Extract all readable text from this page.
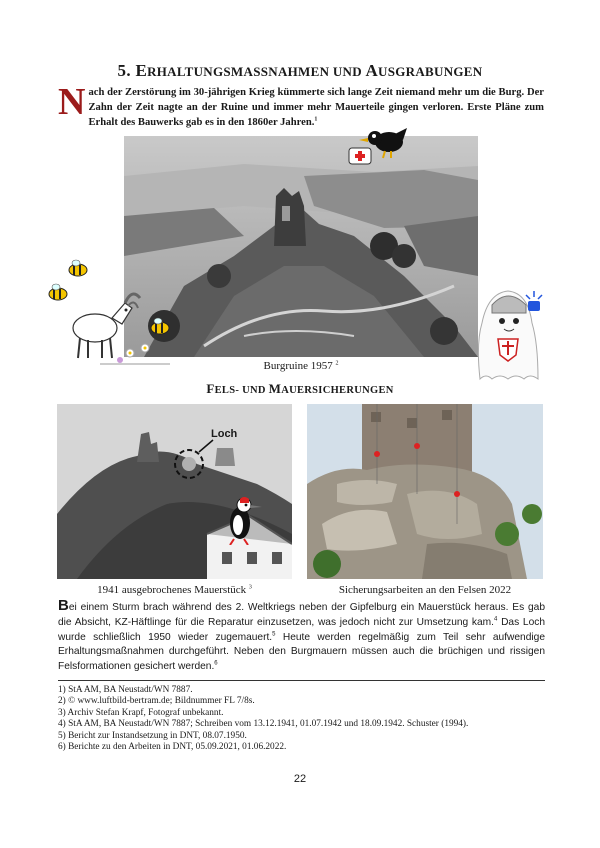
5. ERHALTUNGSMASSNAHMEN UND AUSGRABUNGEN
Nach der Zerstörung im 30-jährigen Krieg kümmerte sich lange Zeit niemand mehr um die Burg. Der Zahn der Zeit nagte an der Ruine und immer mehr Mauerteile gingen verloren. Erste Pläne zum Erhalt des Bauwerks gab es in den 1860er Jahren.$^1$
Burgruine 1957 $^2$
FELS- UND MAUERSICHERUNGEN
Loch
1941 ausgebrochenes Mauerstück $^3$	Sicherungsarbeiten an den Felsen 2022
Bei einem Sturm brach während des 2. Weltkriegs neben der Gipfelburg ein Mauerstück heraus. Es gab die Absicht, KZ-Häftlinge für die Reparatur einzusetzen, was jedoch nicht zur Umsetzung kam.$^4$ Das Loch wurde schließlich 1950 wieder zugemauert.$^5$ Heute werden regelmäßig zum Teil sehr aufwendige Erhaltungsmaßnahmen durchgeführt. Neben den Burgmauern müssen auch die brüchigen und rissigen Felsformationen gesichert werden.$^6$
1) StA AM, BA Neustadt/WN 7887.
2) © www.luftbild-bertram.de; Bildnummer FL 7/8s.
3) Archiv Stefan Krapf, Fotograf unbekannt.
4) StA AM, BA Neustadt/WN 7887; Schreiben vom 13.12.1941, 01.07.1942 und 18.09.1942. Schuster (1994).
5) Bericht zur Instandsetzung in DNT, 08.07.1950.
6) Berichte zu den Arbeiten in DNT, 05.09.2021, 01.06.2022.
22
